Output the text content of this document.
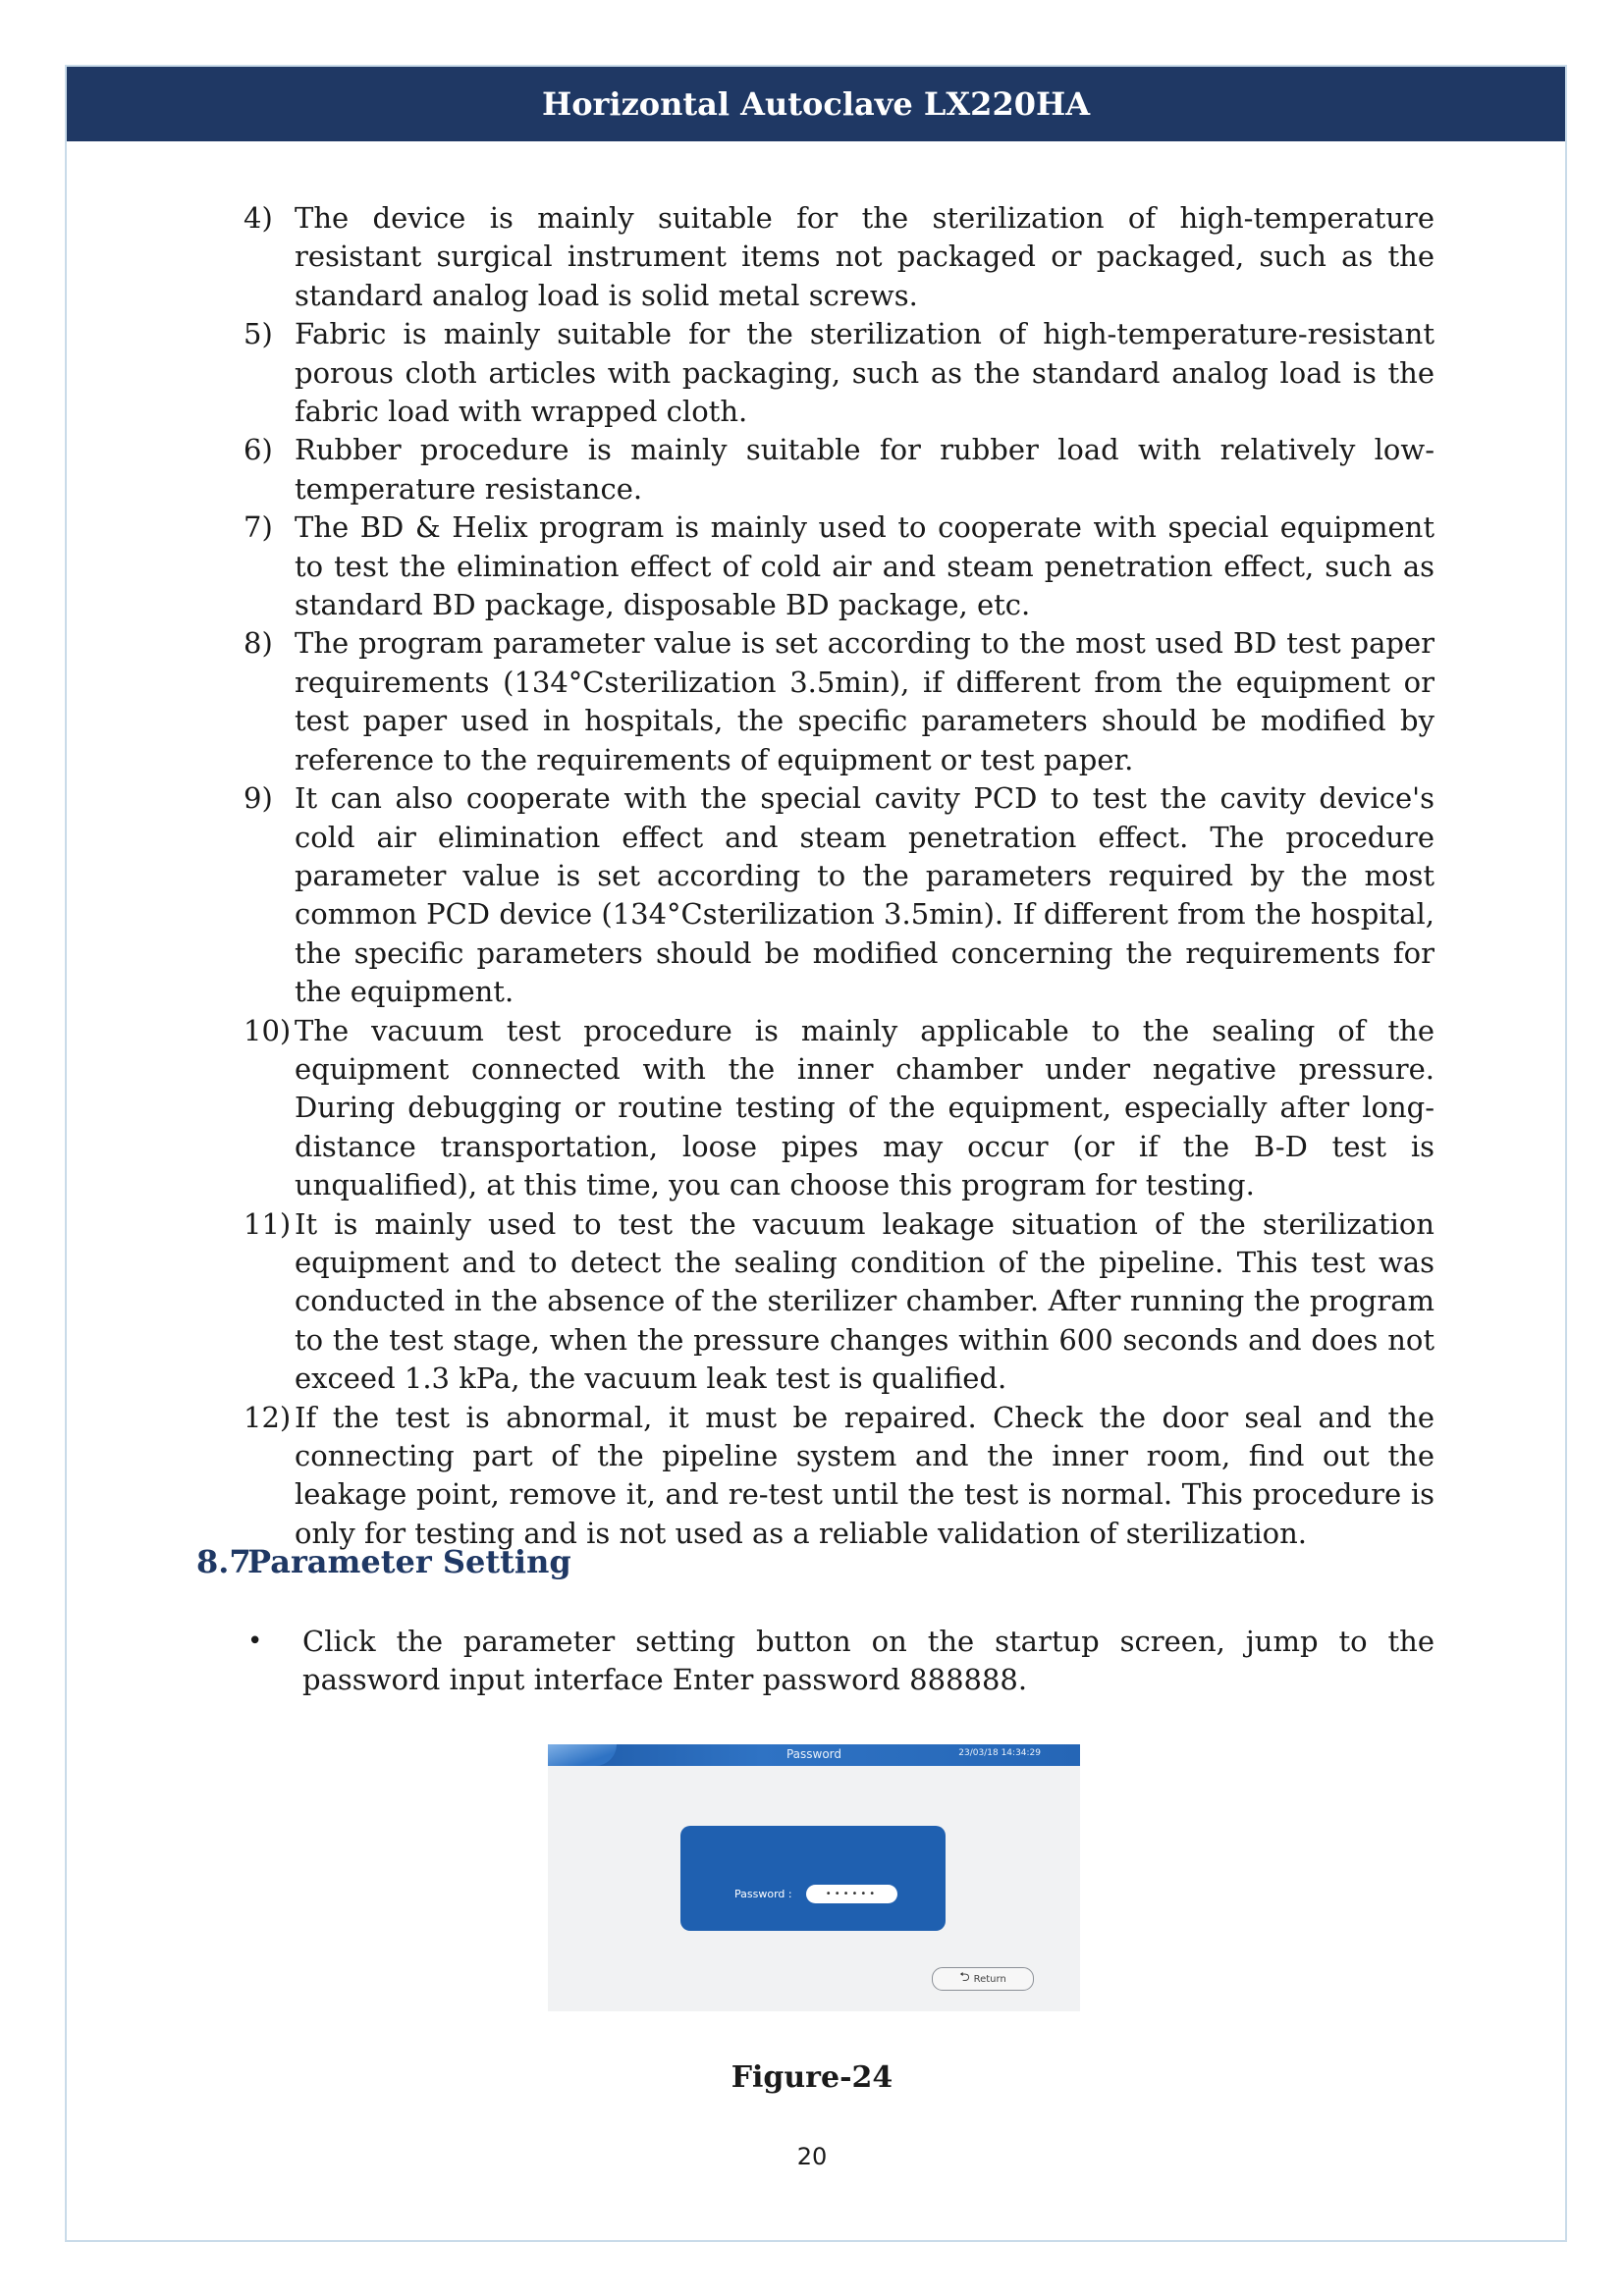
Horizontal Autoclave LX220HA
4) The device is mainly suitable for the sterilization of high-temperature resistant surgical instrument items not packaged or packaged, such as the standard analog load is solid metal screws.
5) Fabric is mainly suitable for the sterilization of high-temperature-resistant porous cloth articles with packaging, such as the standard analog load is the fabric load with wrapped cloth.
6) Rubber procedure is mainly suitable for rubber load with relatively low-temperature resistance.
7) The BD & Helix program is mainly used to cooperate with special equipment to test the elimination effect of cold air and steam penetration effect, such as standard BD package, disposable BD package, etc.
8) The program parameter value is set according to the most used BD test paper requirements (134°Csterilization 3.5min), if different from the equipment or test paper used in hospitals, the specific parameters should be modified by reference to the requirements of equipment or test paper.
9) It can also cooperate with the special cavity PCD to test the cavity device's cold air elimination effect and steam penetration effect. The procedure parameter value is set according to the parameters required by the most common PCD device (134°Csterilization 3.5min). If different from the hospital, the specific parameters should be modified concerning the requirements for the equipment.
10) The vacuum test procedure is mainly applicable to the sealing of the equipment connected with the inner chamber under negative pressure. During debugging or routine testing of the equipment, especially after long-distance transportation, loose pipes may occur (or if the B-D test is unqualified), at this time, you can choose this program for testing.
11) It is mainly used to test the vacuum leakage situation of the sterilization equipment and to detect the sealing condition of the pipeline. This test was conducted in the absence of the sterilizer chamber. After running the program to the test stage, when the pressure changes within 600 seconds and does not exceed 1.3 kPa, the vacuum leak test is qualified.
12) If the test is abnormal, it must be repaired. Check the door seal and the connecting part of the pipeline system and the inner room, find out the leakage point, remove it, and re-test until the test is normal. This procedure is only for testing and is not used as a reliable validation of sterilization.
8.7
Parameter Setting
•	Click the parameter setting button on the startup screen, jump to the password input interface Enter password 888888.
Password	23/03/18 14:34:29
Password :	••••••
⮌ Return
Figure-24
20
